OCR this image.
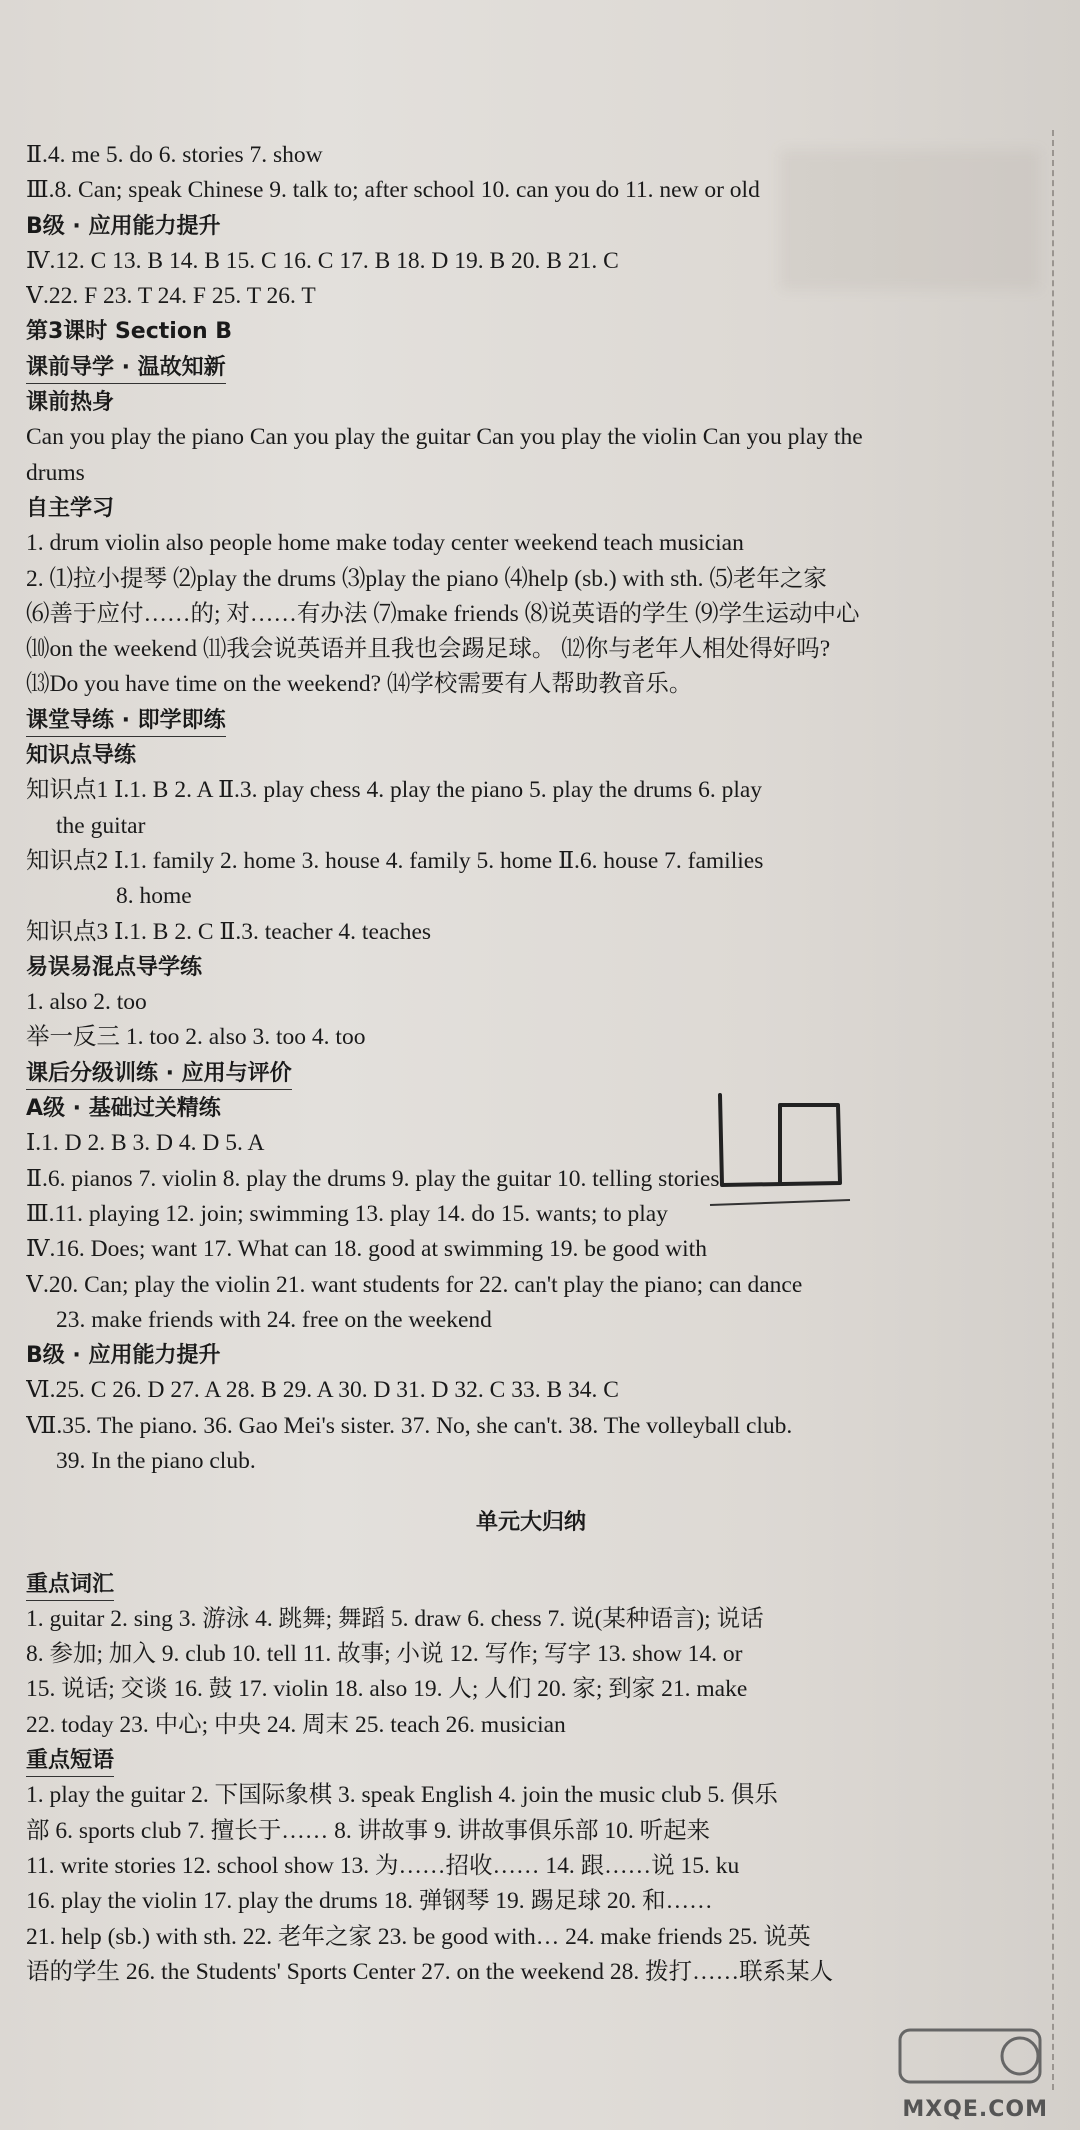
Ⅱ.4. me 5. do 6. stories 7. show
Ⅲ.8. Can; speak Chinese 9. talk to; after school 10. can you do 11. new or old
B级 · 应用能力提升
Ⅳ.12. C 13. B 14. B 15. C 16. C 17. B 18. D 19. B 20. B 21. C
Ⅴ.22. F 23. T 24. F 25. T 26. T
第3课时 Section B
课前导学 · 温故知新
课前热身
Can you play the piano Can you play the guitar Can you play the violin Can you play the
drums
自主学习
1. drum violin also people home make today center weekend teach musician
2. ⑴拉小提琴 ⑵play the drums ⑶play the piano ⑷help (sb.) with sth. ⑸老年之家
⑹善于应付……的; 对……有办法 ⑺make friends ⑻说英语的学生 ⑼学生运动中心
⑽on the weekend ⑾我会说英语并且我也会踢足球。 ⑿你与老年人相处得好吗?
⒀Do you have time on the weekend? ⒁学校需要有人帮助教音乐。
课堂导练 · 即学即练
知识点导练
知识点1 Ⅰ.1. B 2. A Ⅱ.3. play chess 4. play the piano 5. play the drums 6. play
the guitar
知识点2 Ⅰ.1. family 2. home 3. house 4. family 5. home Ⅱ.6. house 7. families
8. home
知识点3 Ⅰ.1. B 2. C Ⅱ.3. teacher 4. teaches
易误易混点导学练
1. also 2. too
举一反三 1. too 2. also 3. too 4. too
课后分级训练 · 应用与评价
A级 · 基础过关精练
Ⅰ.1. D 2. B 3. D 4. D 5. A
Ⅱ.6. pianos 7. violin 8. play the drums 9. play the guitar 10. telling stories
Ⅲ.11. playing 12. join; swimming 13. play 14. do 15. wants; to play
Ⅳ.16. Does; want 17. What can 18. good at swimming 19. be good with
Ⅴ.20. Can; play the violin 21. want students for 22. can't play the piano; can dance
23. make friends with 24. free on the weekend
B级 · 应用能力提升
Ⅵ.25. C 26. D 27. A 28. B 29. A 30. D 31. D 32. C 33. B 34. C
Ⅶ.35. The piano. 36. Gao Mei's sister. 37. No, she can't. 38. The volleyball club.
39. In the piano club.
单元大归纳
重点词汇
1. guitar 2. sing 3. 游泳 4. 跳舞; 舞蹈 5. draw 6. chess 7. 说(某种语言); 说话
8. 参加; 加入 9. club 10. tell 11. 故事; 小说 12. 写作; 写字 13. show 14. or
15. 说话; 交谈 16. 鼓 17. violin 18. also 19. 人; 人们 20. 家; 到家 21. make
22. today 23. 中心; 中央 24. 周末 25. teach 26. musician
重点短语
1. play the guitar 2. 下国际象棋 3. speak English 4. join the music club 5. 俱乐
部 6. sports club 7. 擅长于…… 8. 讲故事 9. 讲故事俱乐部 10. 听起来
11. write stories 12. school show 13. 为……招收…… 14. 跟……说 15. ku
16. play the violin 17. play the drums 18. 弹钢琴 19. 踢足球 20. 和……
21. help (sb.) with sth. 22. 老年之家 23. be good with… 24. make friends 25. 说英
语的学生 26. the Students' Sports Center 27. on the weekend 28. 拨打……联系某人
MXQE.COM
